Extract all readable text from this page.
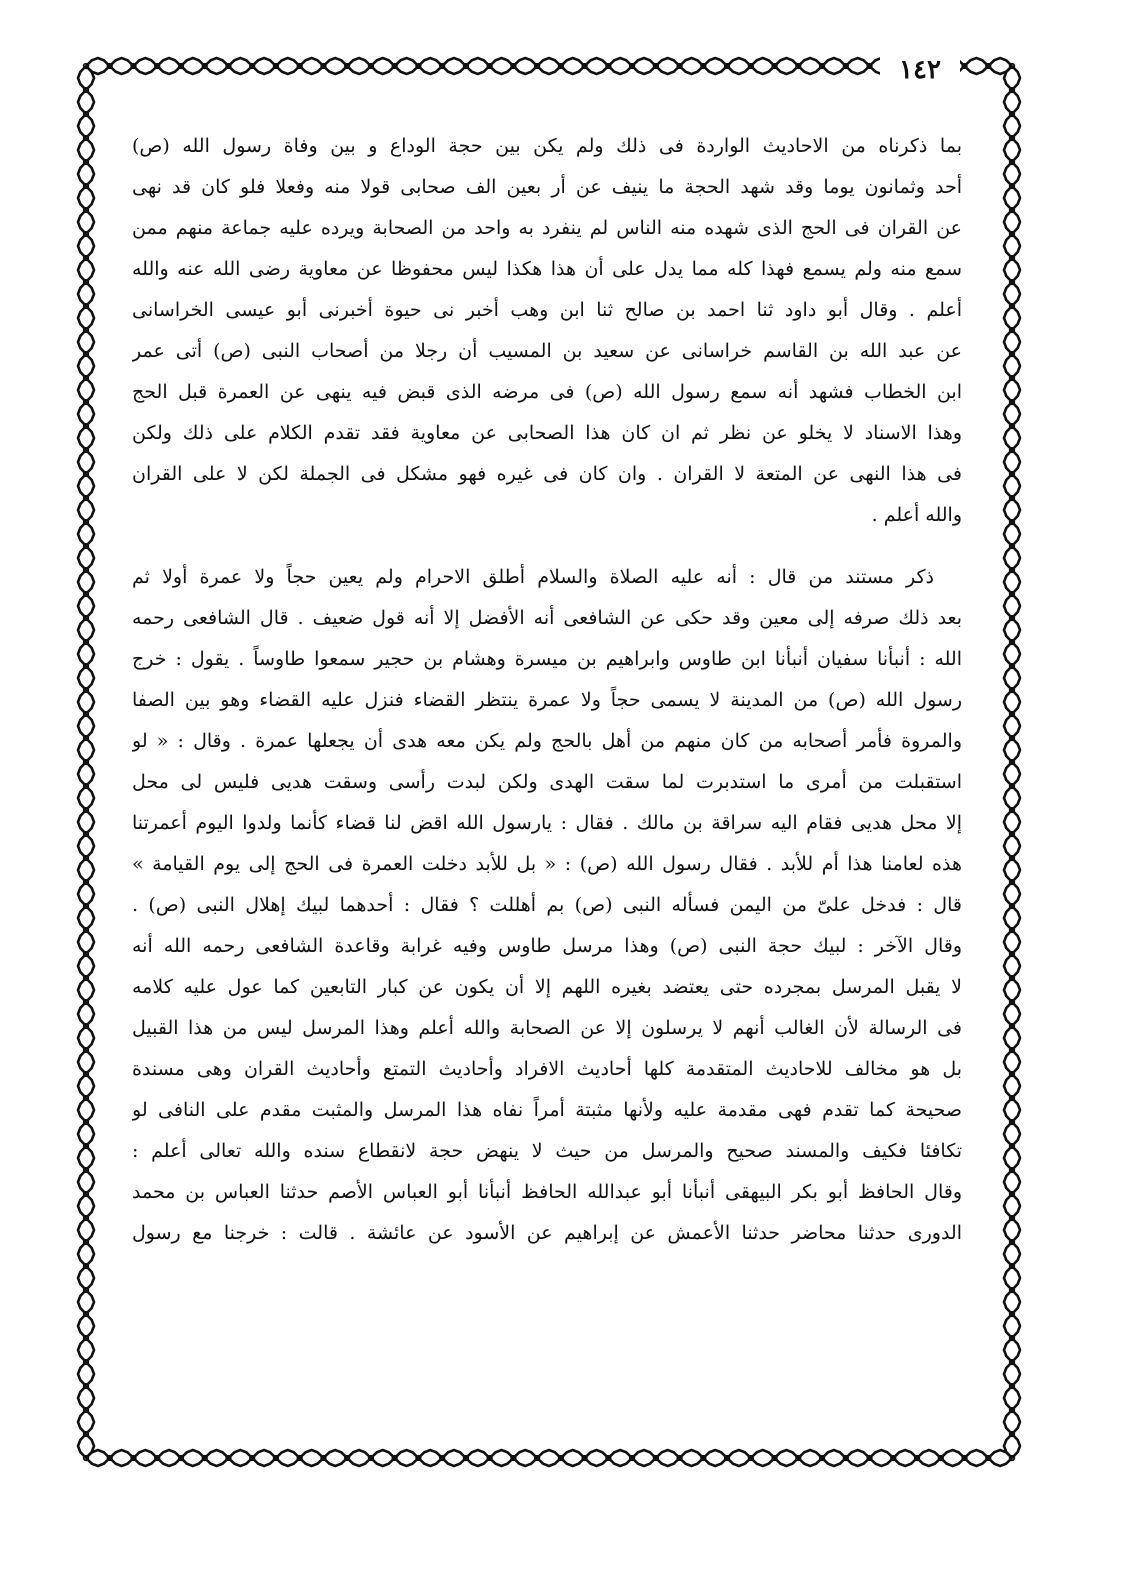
١٤٢
بما ذكرناه من الاحاديث الواردة فى ذلك ولم يكن بين حجة الوداع و بين وفاة رسول الله (ص)
أحد وثمانون يوما وقد شهد الحجة ما ينيف عن أر بعين الف صحابى قولا منه وفعلا فلو كان قد نهى
عن القران فى الحج الذى شهده منه الناس لم ينفرد به واحد من الصحابة ويرده عليه جماعة منهم ممن
سمع منه ولم يسمع فهذا كله مما يدل على أن هذا هكذا ليس محفوظا عن معاوية رضى الله عنه والله
أعلم . وقال أبو داود ثنا احمد بن صالح ثنا ابن وهب أخبر نى حيوة أخبرنى أبو عيسى الخراسانى
عن عبد الله بن القاسم خراسانى عن سعيد بن المسيب أن رجلا من أصحاب النبى (ص) أتى عمر
ابن الخطاب فشهد أنه سمع رسول الله (ص) فى مرضه الذى قبض فيه ينهى عن العمرة قبل الحج
وهذا الاسناد لا يخلو عن نظر ثم ان كان هذا الصحابى عن معاوية فقد تقدم الكلام على ذلك ولكن
فى هذا النهى عن المتعة لا القران . وان كان فى غيره فهو مشكل فى الجملة لكن لا على القران
والله أعلم .
ذكر مستند من قال : أنه عليه الصلاة والسلام أطلق الاحرام ولم يعين حجاً ولا عمرة أولا ثم
بعد ذلك صرفه إلى معين وقد حكى عن الشافعى أنه الأفضل إلا أنه قول ضعيف . قال الشافعى رحمه
الله : أنبأنا سفيان أنبأنا ابن طاوس وابراهيم بن ميسرة وهشام بن حجير سمعوا طاوساً . يقول : خرج
رسول الله (ص) من المدينة لا يسمى حجاً ولا عمرة ينتظر القضاء فنزل عليه القضاء وهو بين الصفا
والمروة فأمر أصحابه من كان منهم من أهل بالحج ولم يكن معه هدى أن يجعلها عمرة . وقال : « لو
استقبلت من أمرى ما استدبرت لما سقت الهدى ولكن لبدت رأسى وسقت هديى فليس لى محل
إلا محل هديى فقام اليه سراقة بن مالك . فقال : يارسول الله اقض لنا قضاء كأنما ولدوا اليوم أعمرتنا
هذه لعامنا هذا أم للأبد . فقال رسول الله (ص) : « بل للأبد دخلت العمرة فى الحج إلى يوم القيامة »
قال : فدخل علىّ من اليمن فسأله النبى (ص) بم أهللت ؟ فقال : أحدهما لبيك إهلال النبى (ص) .
وقال الآخر : لبيك حجة النبى (ص) وهذا مرسل طاوس وفيه غرابة وقاعدة الشافعى رحمه الله أنه
لا يقبل المرسل بمجرده حتى يعتضد بغيره اللهم إلا أن يكون عن كبار التابعين كما عول عليه كلامه
فى الرسالة لأن الغالب أنهم لا يرسلون إلا عن الصحابة والله أعلم وهذا المرسل ليس من هذا القبيل
بل هو مخالف للاحاديث المتقدمة كلها أحاديث الافراد وأحاديث التمتع وأحاديث القران وهى مسندة
صحيحة كما تقدم فهى مقدمة عليه ولأنها مثبتة أمراً نفاه هذا المرسل والمثبت مقدم على النافى لو
تكافئا فكيف والمسند صحيح والمرسل من حيث لا ينهض حجة لانقطاع سنده والله تعالى أعلم :
وقال الحافظ أبو بكر البيهقى أنبأنا أبو عبدالله الحافظ أنبأنا أبو العباس الأصم حدثنا العباس بن محمد
الدورى حدثنا محاضر حدثنا الأعمش عن إبراهيم عن الأسود عن عائشة . قالت : خرجنا مع رسول
